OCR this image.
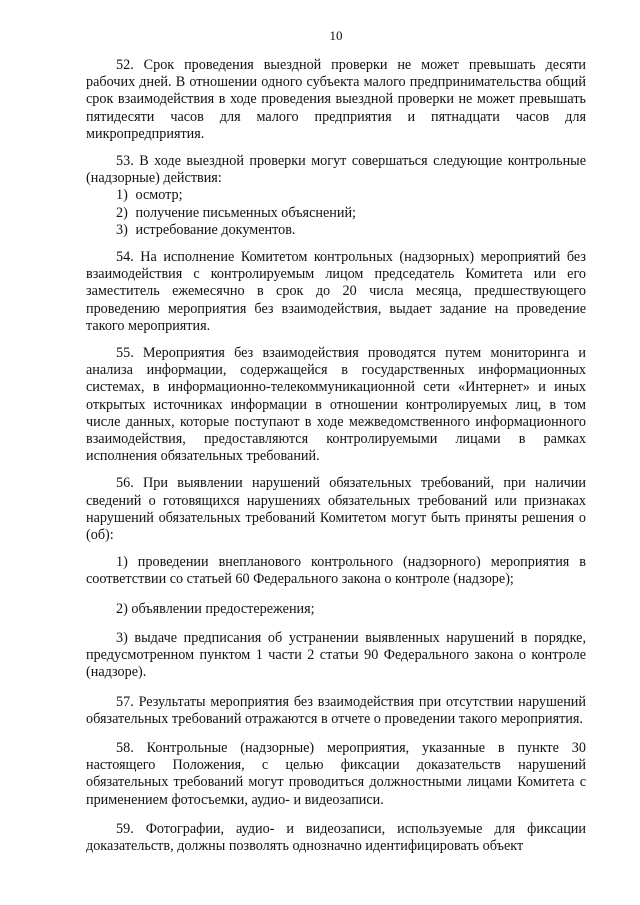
10

52. Срок проведения выездной проверки не может превышать десяти рабочих дней. В отношении одного субъекта малого предпринимательства общий срок взаимодействия в ходе проведения выездной проверки не может превышать пятидесяти часов для малого предприятия и пятнадцати часов для микропредприятия.

53. В ходе выездной проверки могут совершаться следующие контрольные (надзорные) действия:

1) осмотр;
2) получение письменных объяснений;
3) истребование документов.

54. На исполнение Комитетом контрольных (надзорных) мероприятий без взаимодействия с контролируемым лицом председатель Комитета или его заместитель ежемесячно в срок до 20 числа месяца, предшествующего проведению мероприятия без взаимодействия, выдает задание на проведение такого мероприятия.

55. Мероприятия без взаимодействия проводятся путем мониторинга и анализа информации, содержащейся в государственных информационных системах, в информационно-телекоммуникационной сети «Интернет» и иных открытых источниках информации в отношении контролируемых лиц, в том числе данных, которые поступают в ходе межведомственного информационного взаимодействия, предоставляются контролируемыми лицами в рамках исполнения обязательных требований.

56. При выявлении нарушений обязательных требований, при наличии сведений о готовящихся нарушениях обязательных требований или признаках нарушений обязательных требований Комитетом могут быть приняты решения о (об):

1) проведении внепланового контрольного (надзорного) мероприятия в соответствии со статьей 60 Федерального закона о контроле (надзоре);

2) объявлении предостережения;

3) выдаче предписания об устранении выявленных нарушений в порядке, предусмотренном пунктом 1 части 2 статьи 90 Федерального закона о контроле (надзоре).

57. Результаты мероприятия без взаимодействия при отсутствии нарушений обязательных требований отражаются в отчете о проведении такого мероприятия.

58. Контрольные (надзорные) мероприятия, указанные в пункте 30 настоящего Положения, с целью фиксации доказательств нарушений обязательных требований могут проводиться должностными лицами Комитета с применением фотосъемки, аудио- и видеозаписи.

59. Фотографии, аудио- и видеозаписи, используемые для фиксации доказательств, должны позволять однозначно идентифицировать объект
